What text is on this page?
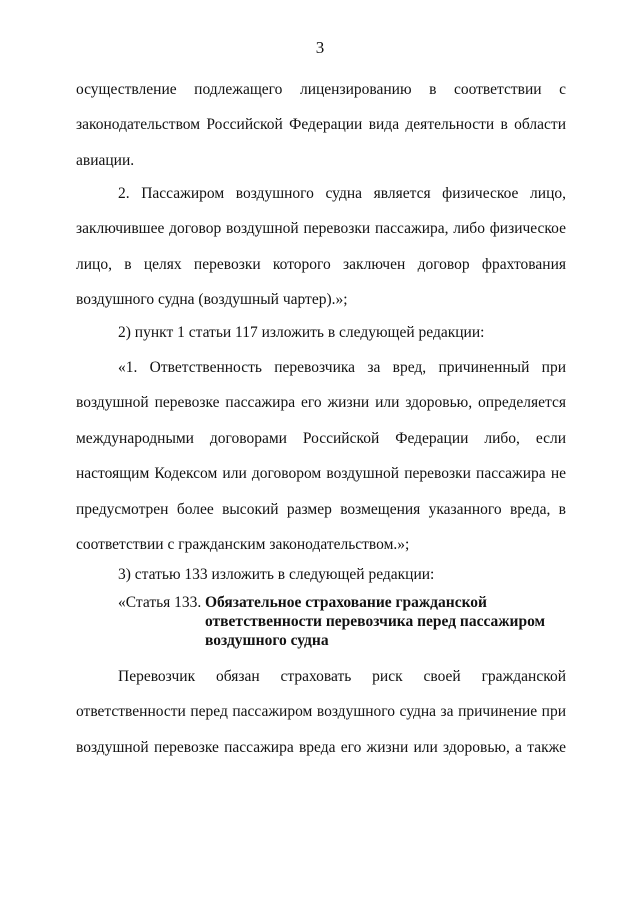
3
осуществление подлежащего лицензированию в соответствии с
законодательством Российской Федерации вида деятельности в области
авиации.
2. Пассажиром воздушного судна является физическое лицо,
заключившее договор воздушной перевозки пассажира, либо физическое
лицо, в целях перевозки которого заключен договор фрахтования
воздушного судна (воздушный чартер).»;
2) пункт 1 статьи 117 изложить в следующей редакции:
«1. Ответственность перевозчика за вред, причиненный при
воздушной перевозке пассажира его жизни или здоровью, определяется
международными договорами Российской Федерации либо, если
настоящим Кодексом или договором воздушной перевозки пассажира не
предусмотрен более высокий размер возмещения указанного вреда, в
соответствии с гражданским законодательством.»;
3) статью 133 изложить в следующей редакции:
«Статья 133. Обязательное страхование гражданской
ответственности перевозчика перед пассажиром
воздушного судна
Перевозчик обязан страховать риск своей гражданской
ответственности перед пассажиром воздушного судна за причинение при
воздушной перевозке пассажира вреда его жизни или здоровью, а также
